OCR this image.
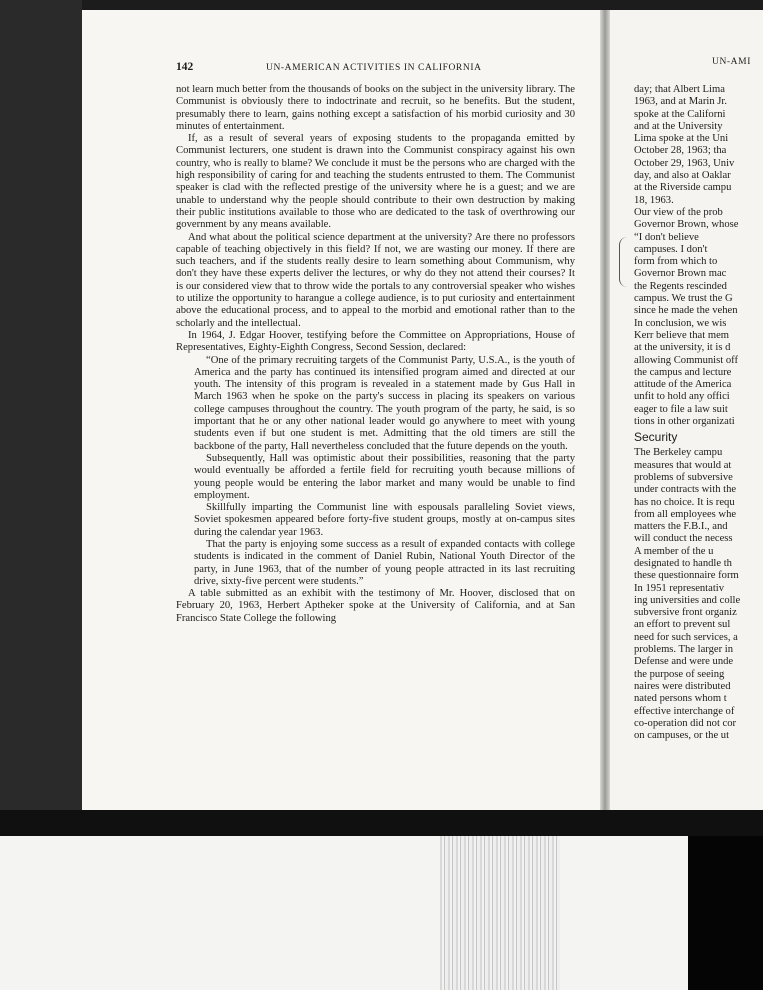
142	UN-AMERICAN ACTIVITIES IN CALIFORNIA

not learn much better from the thousands of books on the subject in the university library. The Communist is obviously there to indoctrinate and recruit, so he benefits. But the student, presumably there to learn, gains nothing except a satisfaction of his morbid curiosity and 30 minutes of entertainment.

If, as a result of several years of exposing students to the propaganda emitted by Communist lecturers, one student is drawn into the Communist conspiracy against his own country, who is really to blame? We conclude it must be the persons who are charged with the high responsibility of caring for and teaching the students entrusted to them. The Communist speaker is clad with the reflected prestige of the university where he is a guest; and we are unable to understand why the people should contribute to their own destruction by making their public institutions available to those who are dedicated to the task of overthrowing our government by any means available.

And what about the political science department at the university? Are there no professors capable of teaching objectively in this field? If not, we are wasting our money. If there are such teachers, and if the students really desire to learn something about Communism, why don't they have these experts deliver the lectures, or why do they not attend their courses? It is our considered view that to throw wide the portals to any controversial speaker who wishes to utilize the opportunity to harangue a college audience, is to put curiosity and entertainment above the educational process, and to appeal to the morbid and emotional rather than to the scholarly and the intellectual.

In 1964, J. Edgar Hoover, testifying before the Committee on Appropriations, House of Representatives, Eighty-Eighth Congress, Second Session, declared:

“One of the primary recruiting targets of the Communist Party, U.S.A., is the youth of America and the party has continued its intensified program aimed and directed at our youth. The intensity of this program is revealed in a statement made by Gus Hall in March 1963 when he spoke on the party's success in placing its speakers on various college campuses throughout the country. The youth program of the party, he said, is so important that he or any other national leader would go anywhere to meet with young students even if but one student is met. Admitting that the old timers are still the backbone of the party, Hall nevertheless concluded that the future depends on the youth.

Subsequently, Hall was optimistic about their possibilities, reasoning that the party would eventually be afforded a fertile field for recruiting youth because millions of young people would be entering the labor market and many would be unable to find employment.

Skillfully imparting the Communist line with espousals paralleling Soviet views, Soviet spokesmen appeared before forty-five student groups, mostly at on-campus sites during the calendar year 1963.

That the party is enjoying some success as a result of expanded contacts with college students is indicated in the comment of Daniel Rubin, National Youth Director of the party, in June 1963, that of the number of young people attracted in its last recruiting drive, sixty-five percent were students.”

A table submitted as an exhibit with the testimony of Mr. Hoover, disclosed that on February 20, 1963, Herbert Aptheker spoke at the University of California, and at San Francisco State College the following

UN-AMI
day; that Albert Lima
1963, and at Marin Jr.
spoke at the Californi
and at the University
Lima spoke at the Uni
October 28, 1963; tha
October 29, 1963, Univ
day, and also at Oaklar
at the Riverside campu
18, 1963.
Our view of the prob
Governor Brown, whose
“I don't believe
campuses. I don't
form from which to
Governor Brown mac
the Regents rescinded
campus. We trust the G
since he made the vehen
In conclusion, we wis
Kerr believe that mem
at the university, it is d
allowing Communist off
the campus and lecture
attitude of the America
unfit to hold any offici
eager to file a law suit
tions in other organizati
Security
The Berkeley campu
measures that would at
problems of subversive
under contracts with the
has no choice. It is requ
from all employees whe
matters the F.B.I., and
will conduct the necess
A member of the u
designated to handle th
these questionnaire form
In 1951 representativ
ing universities and colle
subversive front organiz
an effort to prevent sul
need for such services, a
problems. The larger in
Defense and were unde
the purpose of seeing
naires were distributed
nated persons whom t
effective interchange of
co-operation did not cor
on campuses, or the ut
